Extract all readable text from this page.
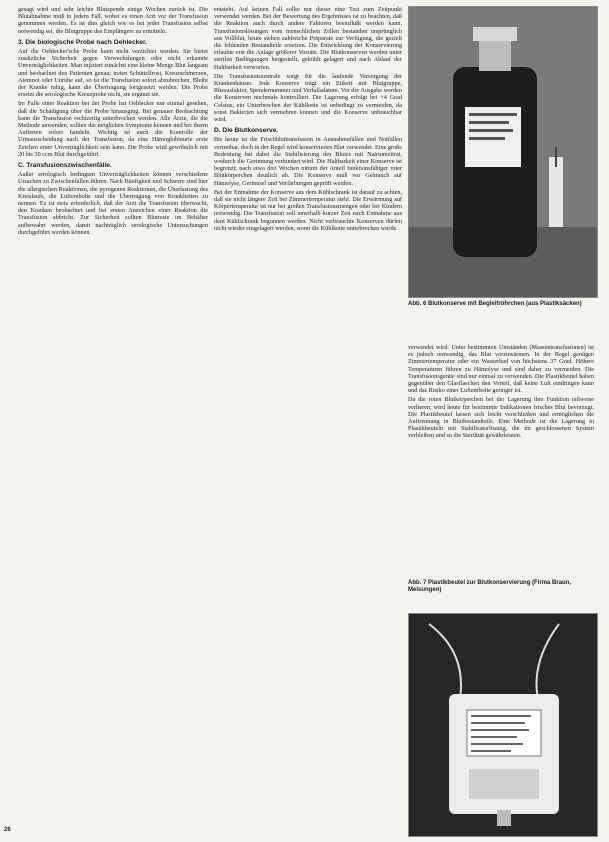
gesagt wird und sehr leichte Blutspende einige Wochen zurück ist. Die Blutabnahme muß in jedem Fall, wobei es einen Arzt vor der Transfusion genommen werden. Es ist dies gleich wie es bei jeder Transfusion selbst notwendig sei, die Blutgruppe des Empfängers zu ermitteln.

3. Die biologische Probe nach Oehlecker.

Auf die Oehlecker'sche Probe kann nicht verzichtet werden. Sie bietet zusätzliche Sicherheit gegen Verwechslungen oder nicht erkannte Unverträglichkeiten. Man injiziert zunächst eine kleine Menge Blut langsam und beobachtet den Patienten genau; treten Schüttelfrost, Kreuzschmerzen, Atemnot oder Unruhe auf, so ist die Transfusion sofort abzubrechen. Bleibt der Kranke ruhig, kann die Übertragung fortgesetzt werden. Die Probe ersetzt die serologische Kreuzprobe nicht, sie ergänzt sie.

Im Falle einer Reaktion bei der Probe hat Oehlecker nur einmal gesehen, daß die Schädigung über die Probe hinausging. Bei genauer Beobachtung kann die Transfusion rechtzeitig unterbrochen werden. Alle Ärzte, die die Methode anwenden, sollten die möglichen Symptome kennen und bei ihrem Auftreten sofort handeln. Wichtig ist auch die Kontrolle der Urinausscheidung nach der Transfusion, da eine Hämoglobinurie erste Zeichen einer Unverträglichkeit sein kann. Die Probe wird gewöhnlich mit 20 bis 30 ccm Blut durchgeführt.

C. Transfusionszwischenfälle.

Außer serologisch bedingten Unverträglichkeiten können verschiedene Ursachen zu Zwischenfällen führen. Nach Häufigkeit und Schwere sind hier die allergischen Reaktionen, die pyrogenen Reaktionen, die Überlastung des Kreislaufs, die Luftembolie und die Übertragung von Krankheiten zu nennen. Es ist stets erforderlich, daß der Arzt die Transfusion überwacht, den Kranken beobachtet und bei ersten Anzeichen einer Reaktion die Transfusion abbricht. Zur Sicherheit sollten Blutreste im Behälter aufbewahrt werden, damit nachträglich serologische Untersuchungen durchgeführt werden können.

entsteht. Auf keinen Fall sollte nur dieser eine Test zum Zeitpunkt verwendet werden. Bei der Bewertung des Ergebnisses ist zu beachten, daß die Reaktion auch durch andere Faktoren beeinflußt werden kann. Transfusionslösungen vom menschlichen Zellen bestanden ursprünglich aus Vollblut, heute stehen zahlreiche Präparate zur Verfügung, die gezielt die fehlenden Bestandteile ersetzen. Die Entwicklung der Konservierung erlaubte erst die Anlage größerer Vorräte. Die Blutkonserven werden unter sterilen Bedingungen hergestellt, gekühlt gelagert und nach Ablauf der Haltbarkeit verworfen.

Die Transfusionszentrale sorgt für die laufende Versorgung der Krankenhäuser. Jede Konserve trägt ein Etikett mit Blutgruppe, Rhesusfaktor, Spendernummer und Verfallsdatum. Vor der Ausgabe werden die Konserven nochmals kontrolliert. Die Lagerung erfolgt bei +4 Grad Celsius; ein Unterbrechen der Kühlkette ist unbedingt zu vermeiden, da sonst Bakterien sich vermehren können und die Konserve unbrauchbar wird.

D. Die Blutkonserve.

Bis heute ist die Frischbluttransfusion in Ausnahmefällen und Notfällen vertretbar, doch in der Regel wird konserviertes Blut verwendet. Eine große Bedeutung hat dabei die Stabilisierung des Blutes mit Natriumzitrat, wodurch die Gerinnung verhindert wird. Die Haltbarkeit einer Konserve ist begrenzt; nach etwa drei Wochen nimmt der Anteil funktionsfähiger roter Blutkörperchen deutlich ab. Die Konserve muß vor Gebrauch auf Hämolyse, Gerinnsel und Verfärbungen geprüft werden.

Bei der Entnahme der Konserve aus dem Kühlschrank ist darauf zu achten, daß sie nicht längere Zeit bei Zimmertemperatur steht. Die Erwärmung auf Körpertemperatur ist nur bei großen Transfusionsmengen oder bei Kindern notwendig. Die Transfusion soll innerhalb kurzer Zeit nach Entnahme aus dem Kühlschrank begonnen werden. Nicht verbrauchte Konserven dürfen nicht wieder eingelagert werden, wenn die Kühlkette unterbrochen wurde.

Abb. 6 Blutkonserve mit Begleitröhrchen (aus Plastiksäcken)

verwendet wird. Unter bestimmten Umständen (Massentransfusionen) ist es jedoch notwendig, das Blut vorzuwärmen. In der Regel genügen Zimmertemperatur oder ein Wasserbad von höchstens 37 Grad. Höhere Temperaturen führen zu Hämolyse und sind daher zu vermeiden. Die Transfusionsgeräte sind nur einmal zu verwenden. Die Plastikbeutel haben gegenüber den Glasflaschen den Vorteil, daß keine Luft eindringen kann und das Risiko einer Luftembolie geringer ist.

Da die roten Blutkörperchen bei der Lagerung ihre Funktion teilweise verlieren, wird heute für bestimmte Indikationen frisches Blut bevorzugt. Die Plastikbeutel lassen sich leicht verschließen und ermöglichen die Auftrennung in Blutbestandteile. Eine Methode ist die Lagerung in Plastikbeuteln mit Stabilisatorlösung, die im geschlossenen System verbleiben und so die Sterilität gewährleisten.

Abb. 7 Plastikbeutel zur Blutkonservierung (Firma Braun, Melsungen)
26
